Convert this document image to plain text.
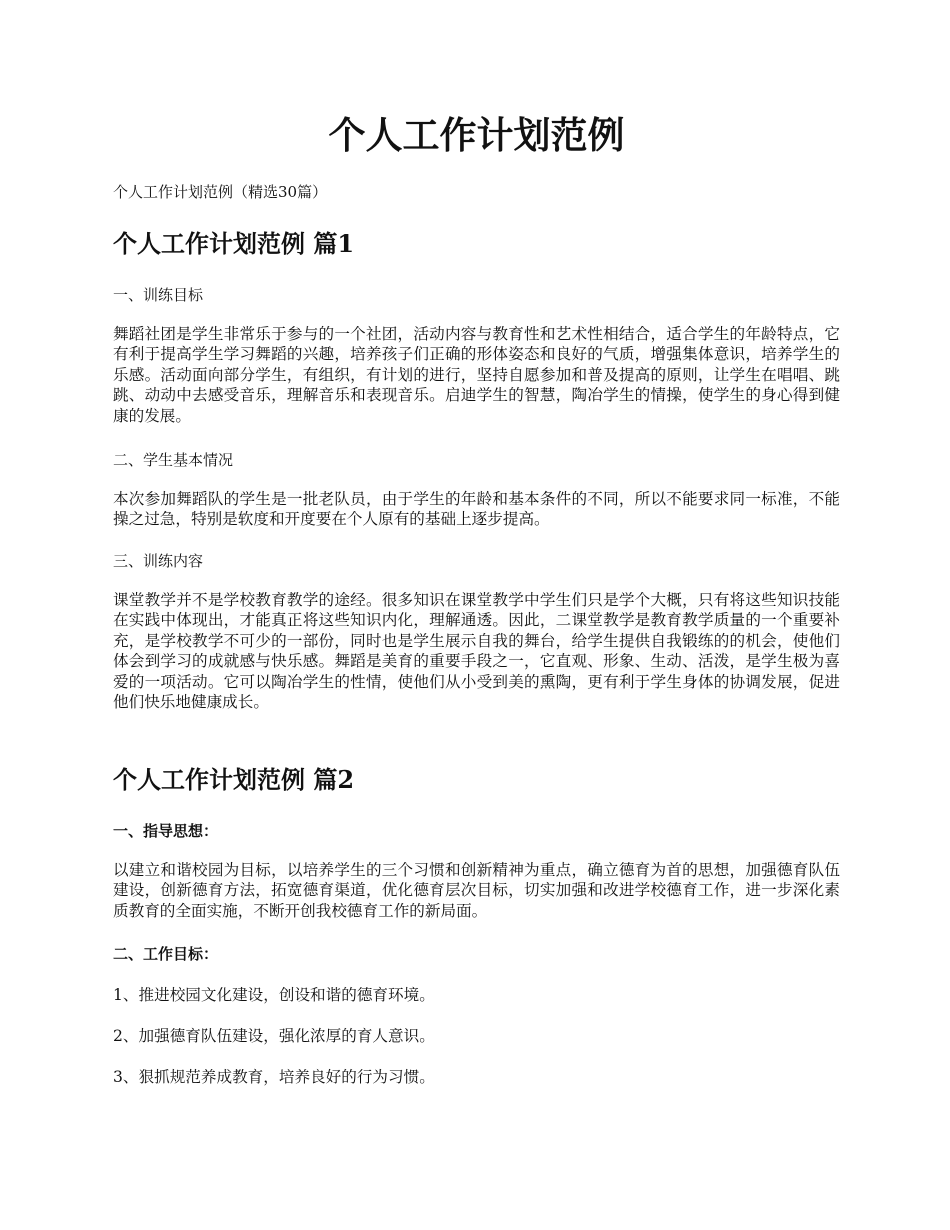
个人工作计划范例

个人工作计划范例（精选30篇）

个人工作计划范例 篇1

一、训练目标

舞蹈社团是学生非常乐于参与的一个社团，活动内容与教育性和艺术性相结合，适合学生的年龄特点，它有利于提高学生学习舞蹈的兴趣，培养孩子们正确的形体姿态和良好的气质，增强集体意识，培养学生的乐感。活动面向部分学生，有组织，有计划的进行，坚持自愿参加和普及提高的原则，让学生在唱唱、跳跳、动动中去感受音乐，理解音乐和表现音乐。启迪学生的智慧，陶冶学生的情操，使学生的身心得到健康的发展。

二、学生基本情况

本次参加舞蹈队的学生是一批老队员，由于学生的年龄和基本条件的不同，所以不能要求同一标准，不能操之过急，特别是软度和开度要在个人原有的基础上逐步提高。

三、训练内容

课堂教学并不是学校教育教学的途经。很多知识在课堂教学中学生们只是学个大概，只有将这些知识技能在实践中体现出，才能真正将这些知识内化，理解通透。因此，二课堂教学是教育教学质量的一个重要补充，是学校教学不可少的一部份，同时也是学生展示自我的舞台，给学生提供自我锻练的的机会，使他们体会到学习的成就感与快乐感。舞蹈是美育的重要手段之一，它直观、形象、生动、活泼，是学生极为喜爱的一项活动。它可以陶冶学生的性情，使他们从小受到美的熏陶，更有利于学生身体的协调发展，促进他们快乐地健康成长。

个人工作计划范例 篇2

一、指导思想：

以建立和谐校园为目标，以培养学生的三个习惯和创新精神为重点，确立德育为首的思想，加强德育队伍建设，创新德育方法，拓宽德育渠道，优化德育层次目标，切实加强和改进学校德育工作，进一步深化素质教育的全面实施，不断开创我校德育工作的新局面。

二、工作目标：

1、推进校园文化建设，创设和谐的德育环境。

2、加强德育队伍建设，强化浓厚的育人意识。

3、狠抓规范养成教育，培养良好的行为习惯。
